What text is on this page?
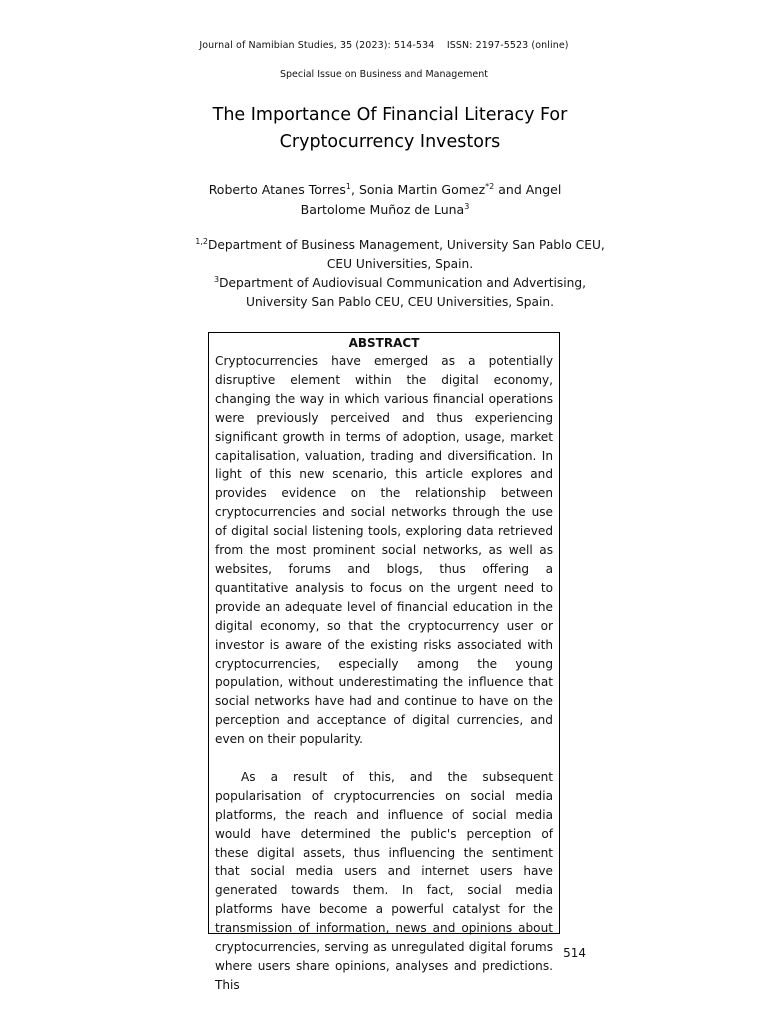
Journal of Namibian Studies, 35 (2023): 514-534    ISSN: 2197-5523 (online)
Special Issue on Business and Management
The Importance Of Financial Literacy For Cryptocurrency Investors
Roberto Atanes Torres$^1$, Sonia Martin Gomez$^{*2}$ and Angel Bartolome Muñoz de Luna$^3$
$^{1,2}$Department of Business Management, University San Pablo CEU, CEU Universities, Spain.
$^3$Department of Audiovisual Communication and Advertising, University San Pablo CEU, CEU Universities, Spain.
ABSTRACT

Cryptocurrencies have emerged as a potentially disruptive element within the digital economy, changing the way in which various financial operations were previously perceived and thus experiencing significant growth in terms of adoption, usage, market capitalisation, valuation, trading and diversification. In light of this new scenario, this article explores and provides evidence on the relationship between cryptocurrencies and social networks through the use of digital social listening tools, exploring data retrieved from the most prominent social networks, as well as websites, forums and blogs, thus offering a quantitative analysis to focus on the urgent need to provide an adequate level of financial education in the digital economy, so that the cryptocurrency user or investor is aware of the existing risks associated with cryptocurrencies, especially among the young population, without underestimating the influence that social networks have had and continue to have on the perception and acceptance of digital currencies, and even on their popularity.

As a result of this, and the subsequent popularisation of cryptocurrencies on social media platforms, the reach and influence of social media would have determined the public's perception of these digital assets, thus influencing the sentiment that social media users and internet users have generated towards them. In fact, social media platforms have become a powerful catalyst for the transmission of information, news and opinions about cryptocurrencies, serving as unregulated digital forums where users share opinions, analyses and predictions. This

514
